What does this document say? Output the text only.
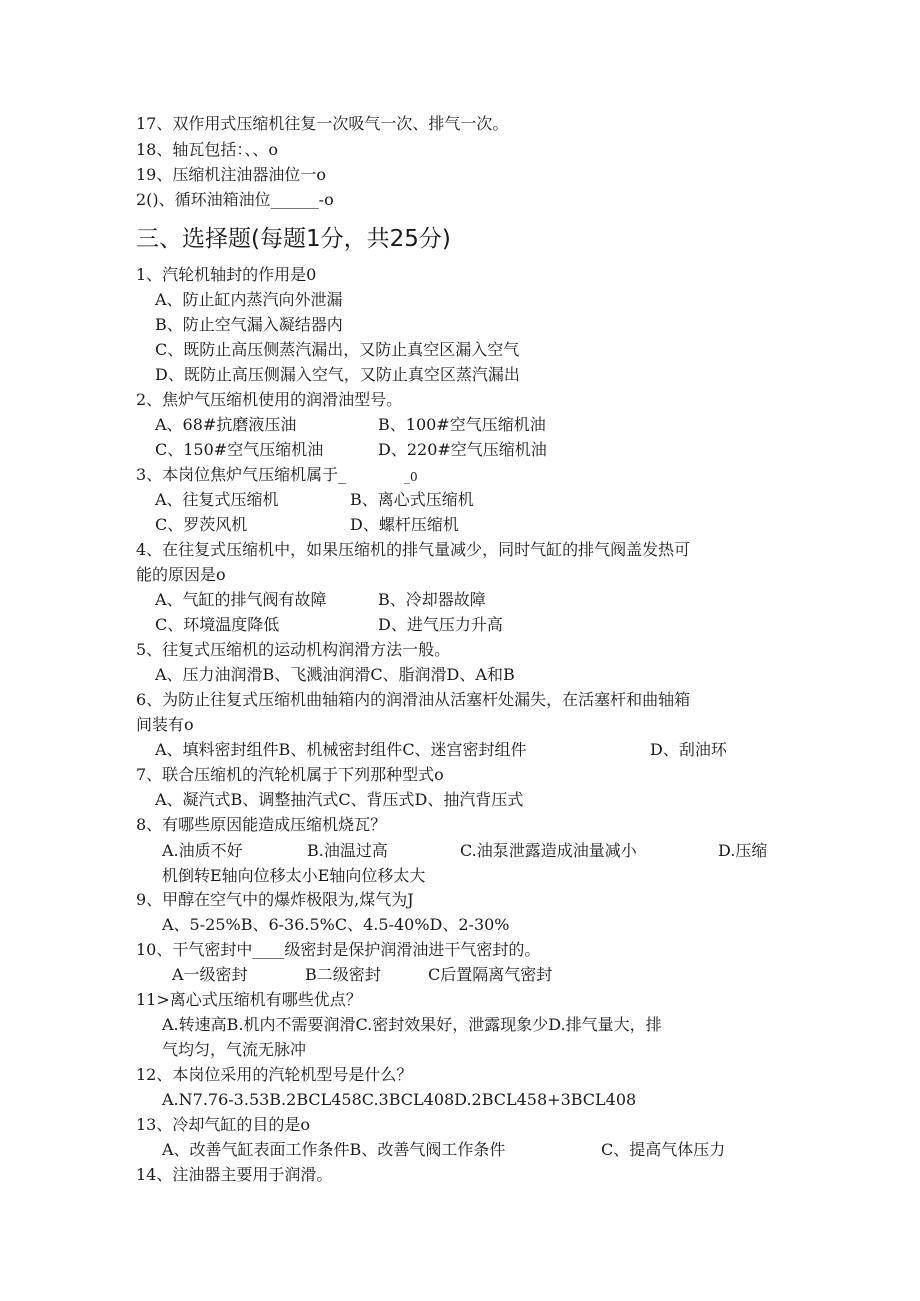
17、双作用式压缩机往复一次吸气一次、排气一次。
18、轴瓦包括：、、o
19、压缩机注油器油位一o
2()、循环油箱油位______-o
三、选择题(每题1分，共25分)
1、汽轮机轴封的作用是0
A、防止缸内蒸汽向外泄漏
B、防止空气漏入凝结器内
C、既防止高压侧蒸汽漏出，又防止真空区漏入空气
D、既防止高压侧漏入空气，又防止真空区蒸汽漏出
2、焦炉气压缩机使用的润滑油型号。
A、68#抗磨液压油	B、100#空气压缩机油
C、150#空气压缩机油	D、220#空气压缩机油
3、本岗位焦炉气压缩机属于_	_0
A、往复式压缩机	B、离心式压缩机
C、罗茨风机	D、螺杆压缩机
4、在往复式压缩机中，如果压缩机的排气量减少，同时气缸的排气阀盖发热可
能的原因是o
A、气缸的排气阀有故障	B、冷却器故障
C、环境温度降低	D、进气压力升高
5、往复式压缩机的运动机构润滑方法一般。
A、压力油润滑B、飞溅油润滑C、脂润滑D、A和B
6、为防止往复式压缩机曲轴箱内的润滑油从活塞杆处漏失，在活塞杆和曲轴箱
间装有o
A、填料密封组件B、机械密封组件C、迷宫密封组件	D、刮油环
7、联合压缩机的汽轮机属于下列那种型式o
A、凝汽式B、调整抽汽式C、背压式D、抽汽背压式
8、有哪些原因能造成压缩机烧瓦？
A.油质不好	B.油温过高	C.油泵泄露造成油量减小	D.压缩
机倒转E轴向位移太小E轴向位移太大
9、甲醇在空气中的爆炸极限为,煤气为J
A、5-25%B、6-36.5%C、4.5-40%D、2-30%
10、干气密封中____级密封是保护润滑油进干气密封的。
A一级密封	B二级密封	C后置隔离气密封
11>离心式压缩机有哪些优点？
A.转速高B.机内不需要润滑C.密封效果好，泄露现象少D.排气量大，排
气均匀，气流无脉冲
12、本岗位采用的汽轮机型号是什么？
A.N7.76-3.53B.2BCL458C.3BCL408D.2BCL458+3BCL408
13、冷却气缸的目的是o
A、改善气缸表面工作条件B、改善气阀工作条件	C、提高气体压力
14、注油器主要用于润滑。
